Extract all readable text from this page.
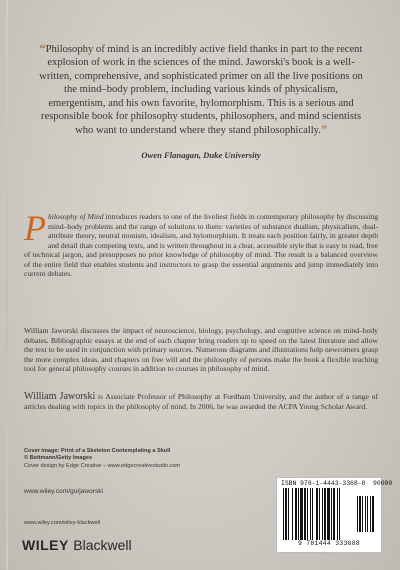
“Philosophy of mind is an incredibly active field thanks in part to the recent explosion of work in the sciences of the mind. Jaworski's book is a well-written, comprehensive, and sophisticated primer on all the live positions on the mind–body problem, including various kinds of physicalism, emergentism, and his own favorite, hylomorphism. This is a serious and responsible book for philosophy students, philosophers, and mind scientists who want to understand where they stand philosophically.”
Owen Flanagan, Duke University
Philosophy of Mind introduces readers to one of the liveliest fields in contemporary philosophy by discussing mind–body problems and the range of solutions to them: varieties of substance dualism, physicalism, dual-attribute theory, neutral monism, idealism, and hylomorphism. It treats each position fairly, in greater depth and detail than competing texts, and is written throughout in a clear, accessible style that is easy to read, free of technical jargon, and presupposes no prior knowledge of philosophy of mind. The result is a balanced overview of the entire field that enables students and instructors to grasp the essential arguments and jump immediately into current debates.
William Jaworski discusses the impact of neuroscience, biology, psychology, and cognitive science on mind–body debates. Bibliographic essays at the end of each chapter bring readers up to speed on the latest literature and allow the text to be used in conjunction with primary sources. Numerous diagrams and illustrations help newcomers grasp the more complex ideas, and chapters on free will and the philosophy of persons make the book a flexible teaching tool for general philosophy courses in addition to courses in philosophy of mind.
William Jaworski is Associate Professor of Philosophy at Fordham University, and the author of a range of articles dealing with topics in the philosophy of mind. In 2006, he was awarded the ACPA Young Scholar Award.
Cover image: Print of a Skeleton Contemplating a Skull
© Bettmann/Getty Images
Cover design by Edge Creative – www.edgecreativestudio.com
www.wiley.com/go/jaworski
www.wiley.com/wiley-blackwell
WILEY Blackwell
ISBN 978-1-4443-3368-8 90000
9 781444 333688
